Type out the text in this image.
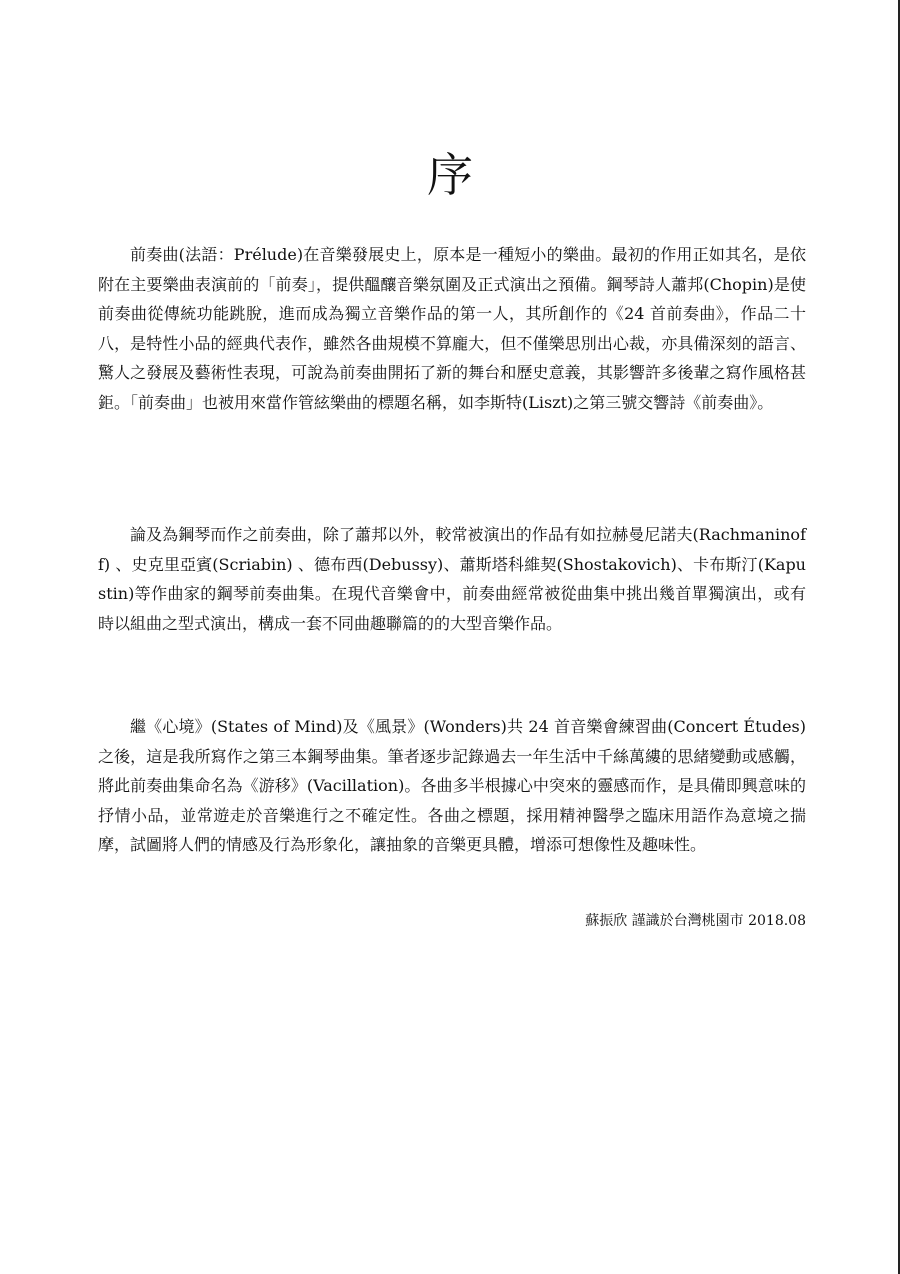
序

前奏曲(法語：Prélude)在音樂發展史上，原本是一種短小的樂曲。最初的作用正如其名，是依附在主要樂曲表演前的「前奏」，提供醞釀音樂氛圍及正式演出之預備。鋼琴詩人蕭邦(Chopin)是使前奏曲從傳統功能跳脫，進而成為獨立音樂作品的第一人，其所創作的《24 首前奏曲》，作品二十八，是特性小品的經典代表作，雖然各曲規模不算龐大，但不僅樂思別出心裁，亦具備深刻的語言、驚人之發展及藝術性表現，可說為前奏曲開拓了新的舞台和歷史意義，其影響許多後輩之寫作風格甚鉅。「前奏曲」也被用來當作管絃樂曲的標題名稱，如李斯特(Liszt)之第三號交響詩《前奏曲》。

論及為鋼琴而作之前奏曲，除了蕭邦以外，較常被演出的作品有如拉赫曼尼諾夫(Rachmaninoff) 、史克里亞賓(Scriabin) 、德布西(Debussy)、蕭斯塔科維契(Shostakovich)、卡布斯汀(Kapustin)等作曲家的鋼琴前奏曲集。在現代音樂會中，前奏曲經常被從曲集中挑出幾首單獨演出，或有時以組曲之型式演出，構成一套不同曲趣聯篇的的大型音樂作品。

繼《心境》(States of Mind)及《風景》(Wonders)共 24 首音樂會練習曲(Concert Études)之後，這是我所寫作之第三本鋼琴曲集。筆者逐步記錄過去一年生活中千絲萬縷的思緒變動或感觸，將此前奏曲集命名為《游移》(Vacillation)。各曲多半根據心中突來的靈感而作，是具備即興意味的抒情小品，並常遊走於音樂進行之不確定性。各曲之標題，採用精神醫學之臨床用語作為意境之揣摩，試圖將人們的情感及行為形象化，讓抽象的音樂更具體，增添可想像性及趣味性。

蘇振欣 謹識於台灣桃園市 2018.08
